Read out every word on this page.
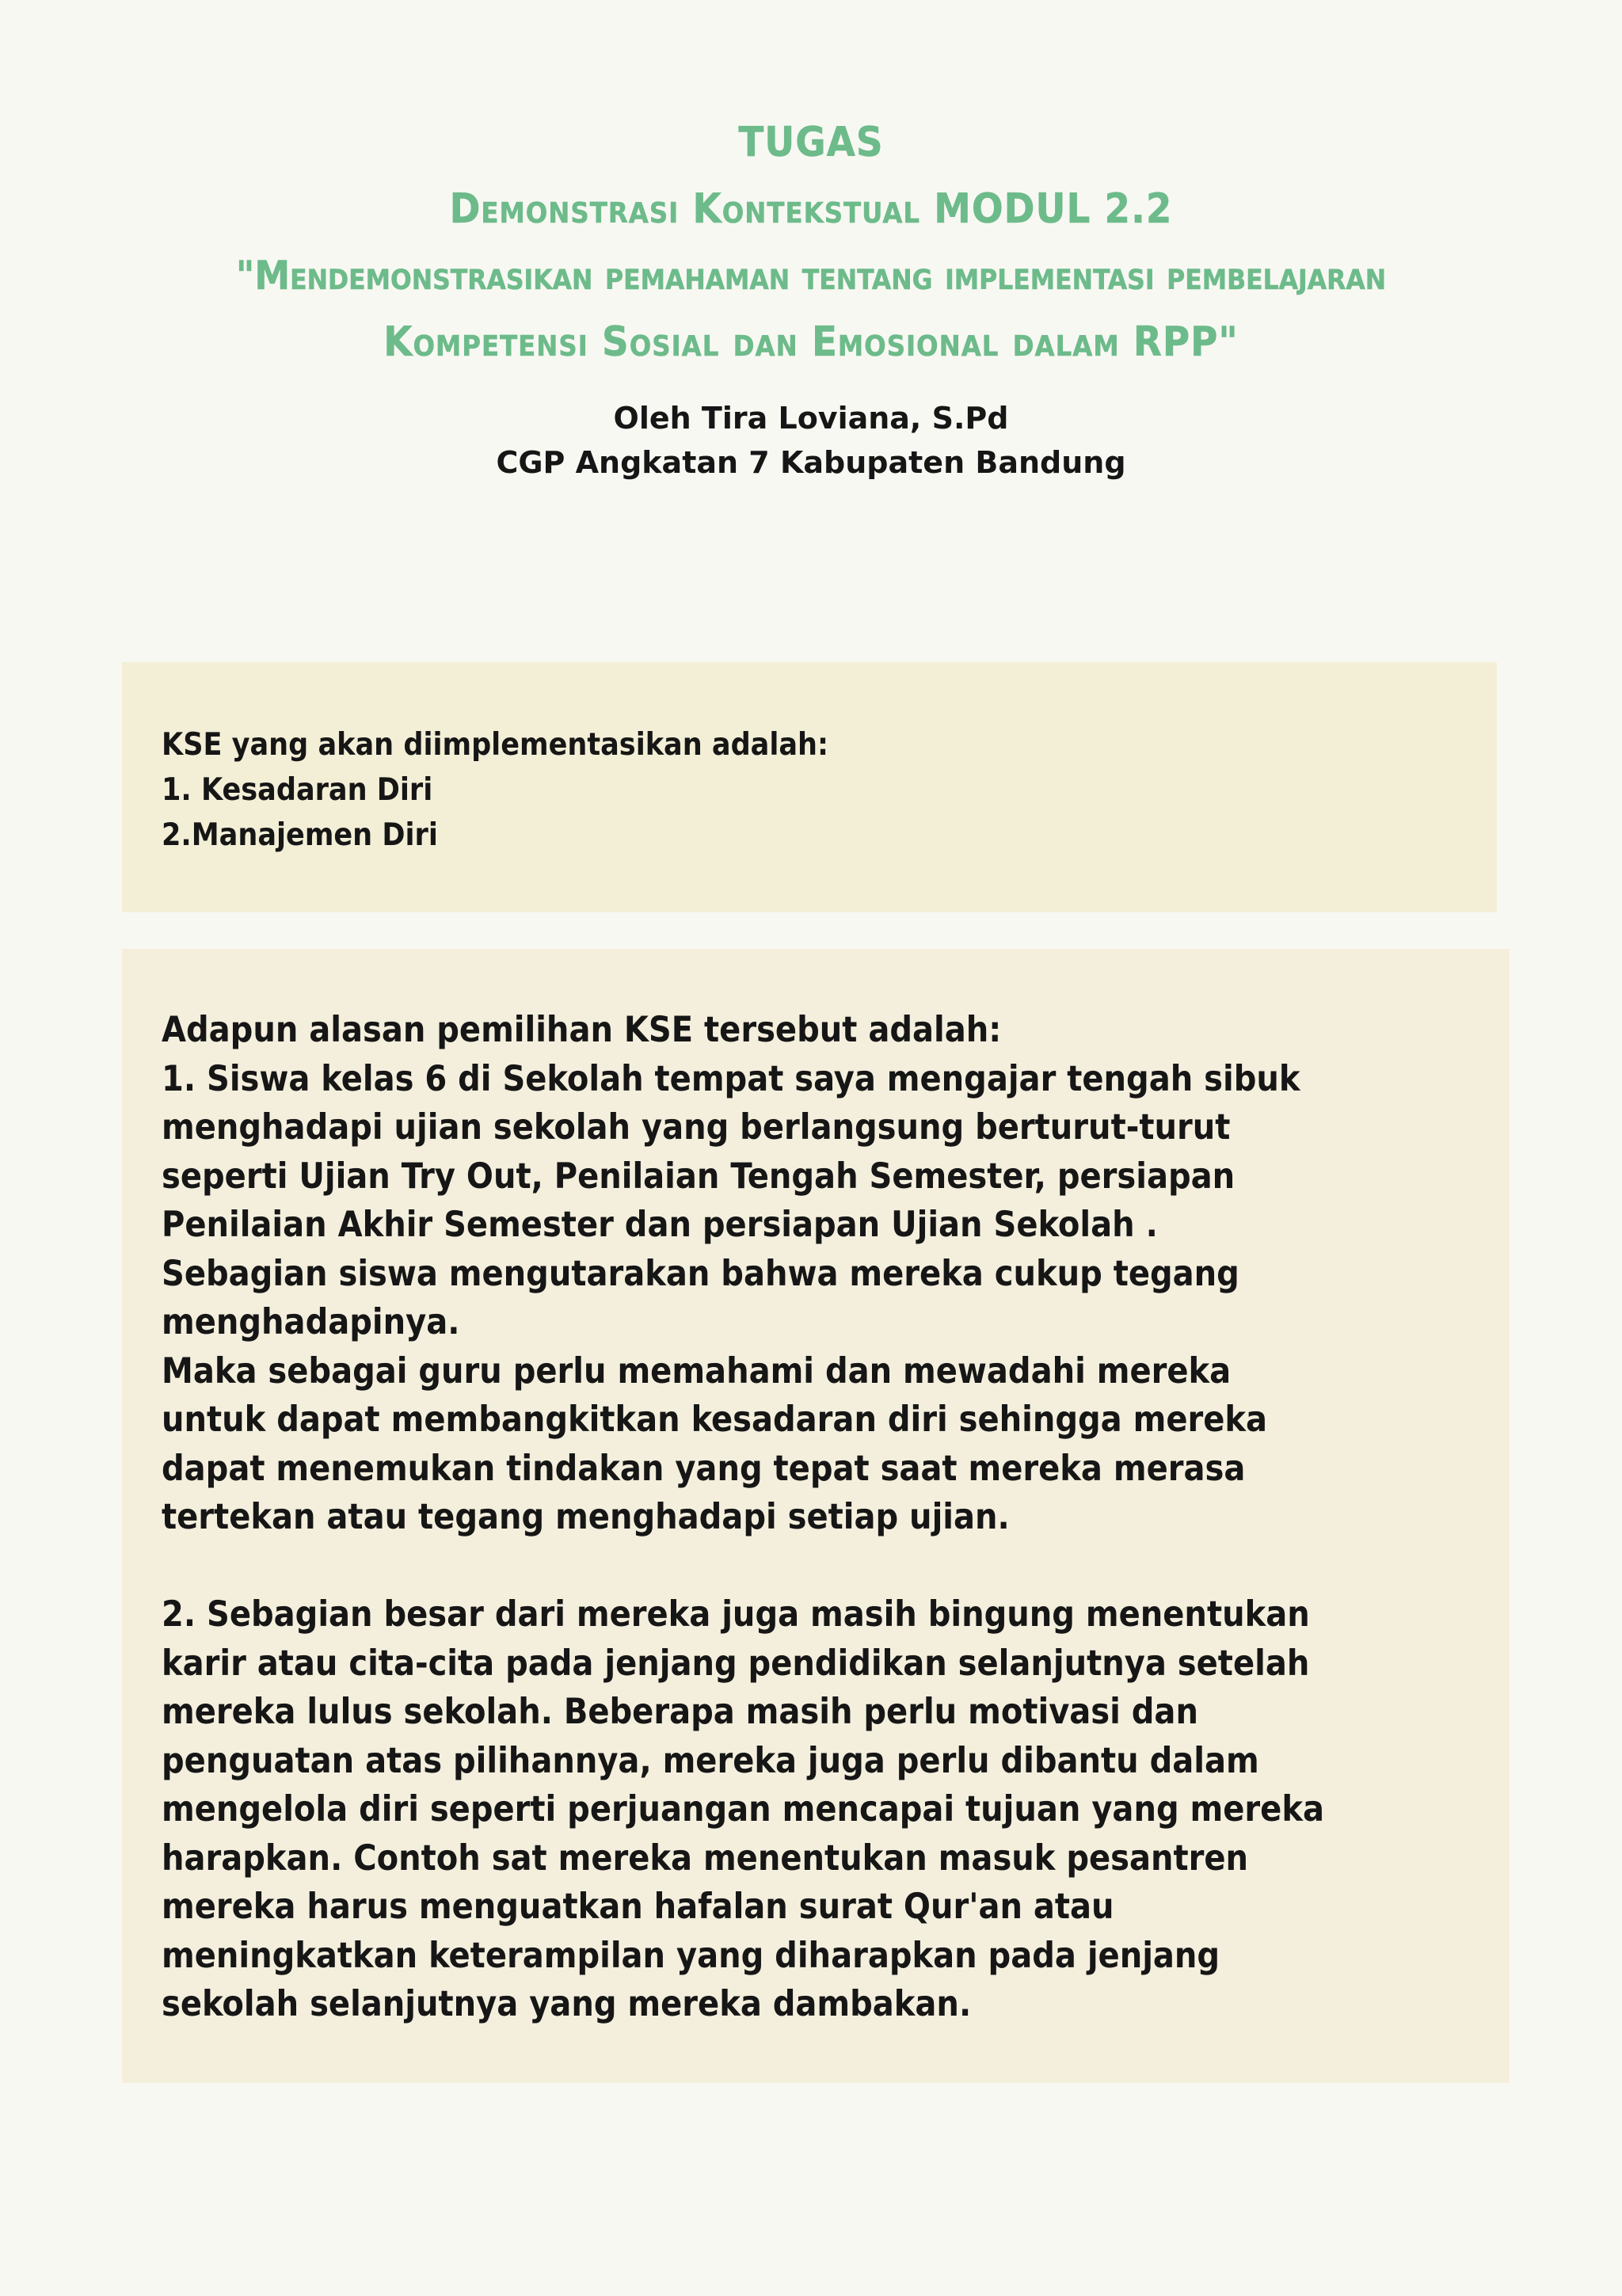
TUGAS
Demonstrasi Kontekstual MODUL 2.2
"Mendemonstrasikan pemahaman tentang implementasi pembelajaran
Kompetensi Sosial dan Emosional dalam RPP"
Oleh Tira Loviana, S.Pd
CGP Angkatan 7 Kabupaten Bandung
KSE yang akan diimplementasikan adalah:
1. Kesadaran Diri
2.Manajemen Diri
Adapun alasan pemilihan KSE tersebut adalah:
1. Siswa kelas 6 di Sekolah tempat saya mengajar tengah sibuk
menghadapi ujian sekolah yang berlangsung berturut-turut
seperti Ujian Try Out, Penilaian Tengah Semester, persiapan
Penilaian Akhir Semester dan persiapan Ujian Sekolah .
Sebagian siswa mengutarakan bahwa mereka cukup tegang
menghadapinya.
Maka sebagai guru perlu memahami dan mewadahi mereka
untuk dapat membangkitkan kesadaran diri sehingga mereka
dapat menemukan tindakan yang tepat saat mereka merasa
tertekan atau tegang menghadapi setiap ujian.
2. Sebagian besar dari mereka juga masih bingung menentukan
karir atau cita-cita pada jenjang pendidikan selanjutnya setelah
mereka lulus sekolah. Beberapa masih perlu motivasi dan
penguatan atas pilihannya, mereka juga perlu dibantu dalam
mengelola diri seperti perjuangan mencapai tujuan yang mereka
harapkan. Contoh sat mereka menentukan masuk pesantren
mereka harus menguatkan hafalan surat Qur'an atau
meningkatkan keterampilan yang diharapkan pada jenjang
sekolah selanjutnya yang mereka dambakan.
